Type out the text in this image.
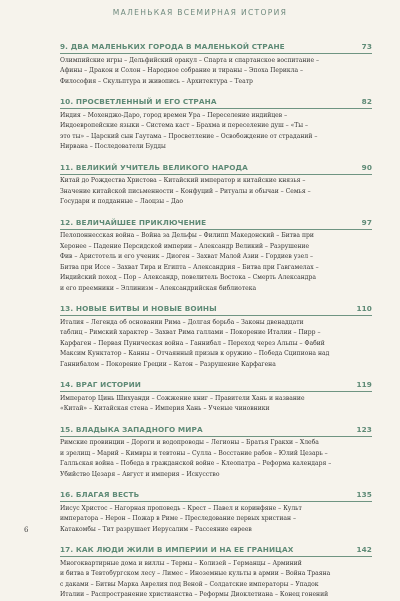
МАЛЕНЬКАЯ ВСЕМИРНАЯ ИСТОРИЯ
9. ДВА МАЛЕНЬКИХ ГОРОДА В МАЛЕНЬКОЙ СТРАНЕ	73
Олимпийские игры – Дельфийский оракул – Спарта и спартанское воспитание –
Афины – Дракон и Солон – Народное собрание и тираны – Эпоха Перикла –
Философия – Скульптура и живопись – Архитектура – Театр
10. ПРОСВЕТЛЕННЫЙ И ЕГО СТРАНА	82
Индия – Мохенджо-Даро, город времен Ура – Переселение индийцев –
Индоевропейские языки – Система каст – Брахма и переселение душ – «Ты –
это ты» – Царский сын Гаутама – Просветление – Освобождение от страданий –
Нирвана – Последователи Будды
11. ВЕЛИКИЙ УЧИТЕЛЬ ВЕЛИКОГО НАРОДА	90
Китай до Рождества Христова – Китайский император и китайские князья –
Значение китайской письменности – Конфуций – Ритуалы и обычаи – Семья –
Государи и подданные – Лаоцзы – Дао
12. ВЕЛИЧАЙШЕЕ ПРИКЛЮЧЕНИЕ	97
Пелопоннесская война – Война за Дельфы – Филипп Македонский – Битва при
Херонее – Падение Персидской империи – Александр Великий – Разрушение
Фив – Аристотель и его ученик – Диоген – Захват Малой Азии – Гордиев узел –
Битва при Иссе – Захват Тира и Египта – Александрия – Битва при Гавгамелах –
Индийский поход – Пор – Александр, повелитель Востока – Смерть Александра
и его преемники – Эллинизм – Александрийская библиотека
13. НОВЫЕ БИТВЫ И НОВЫЕ ВОИНЫ	110
Италия – Легенда об основании Рима – Долгая борьба – Законы двенадцати
таблиц – Римский характер – Захват Рима галлами – Покорение Италии – Пирр –
Карфаген – Первая Пуническая война – Ганнибал – Переход через Альпы – Фабий
Максим Кунктатор – Канны – Отчаянный призыв к оружию – Победа Сципиона над
Ганнибалом – Покорение Греции – Катон – Разрушение Карфагена
14. ВРАГ ИСТОРИИ	119
Император Цинь Шихуанди – Сожжение книг – Правители Хань и название
«Китай» – Китайская стена – Империя Хань – Ученые чиновники
15. ВЛАДЫКА ЗАПАДНОГО МИРА	123
Римские провинции – Дороги и водопроводы – Легионы – Братья Гракхи – Хлеба
и зрелищ – Марий – Кимвры и тевтоны – Сулла – Восстание рабов – Юлий Цезарь –
Галльская война – Победа в гражданской войне – Клеопатра – Реформа календаря –
Убийство Цезаря – Август и империя – Искусство
16. БЛАГАЯ ВЕСТЬ	135
Иисус Христос – Нагорная проповедь – Крест – Павел и коринфяне – Культ
императора – Нерон – Пожар в Риме – Преследование первых христиан –
Катакомбы – Тит разрушает Иерусалим – Рассеяние евреев
17. КАК ЛЮДИ ЖИЛИ В ИМПЕРИИ И НА ЕЕ ГРАНИЦАХ	142
Многоквартирные дома и виллы – Термы – Колизей – Германцы – Арминий
и битва в Тевтобургском лесу – Лимес – Иноземные культы в армии – Война Траяна
с даками – Битвы Марка Аврелия под Веной – Солдатские императоры – Упадок
Италии – Распространение христианства – Реформы Диоклетиана – Конец гонений
6
